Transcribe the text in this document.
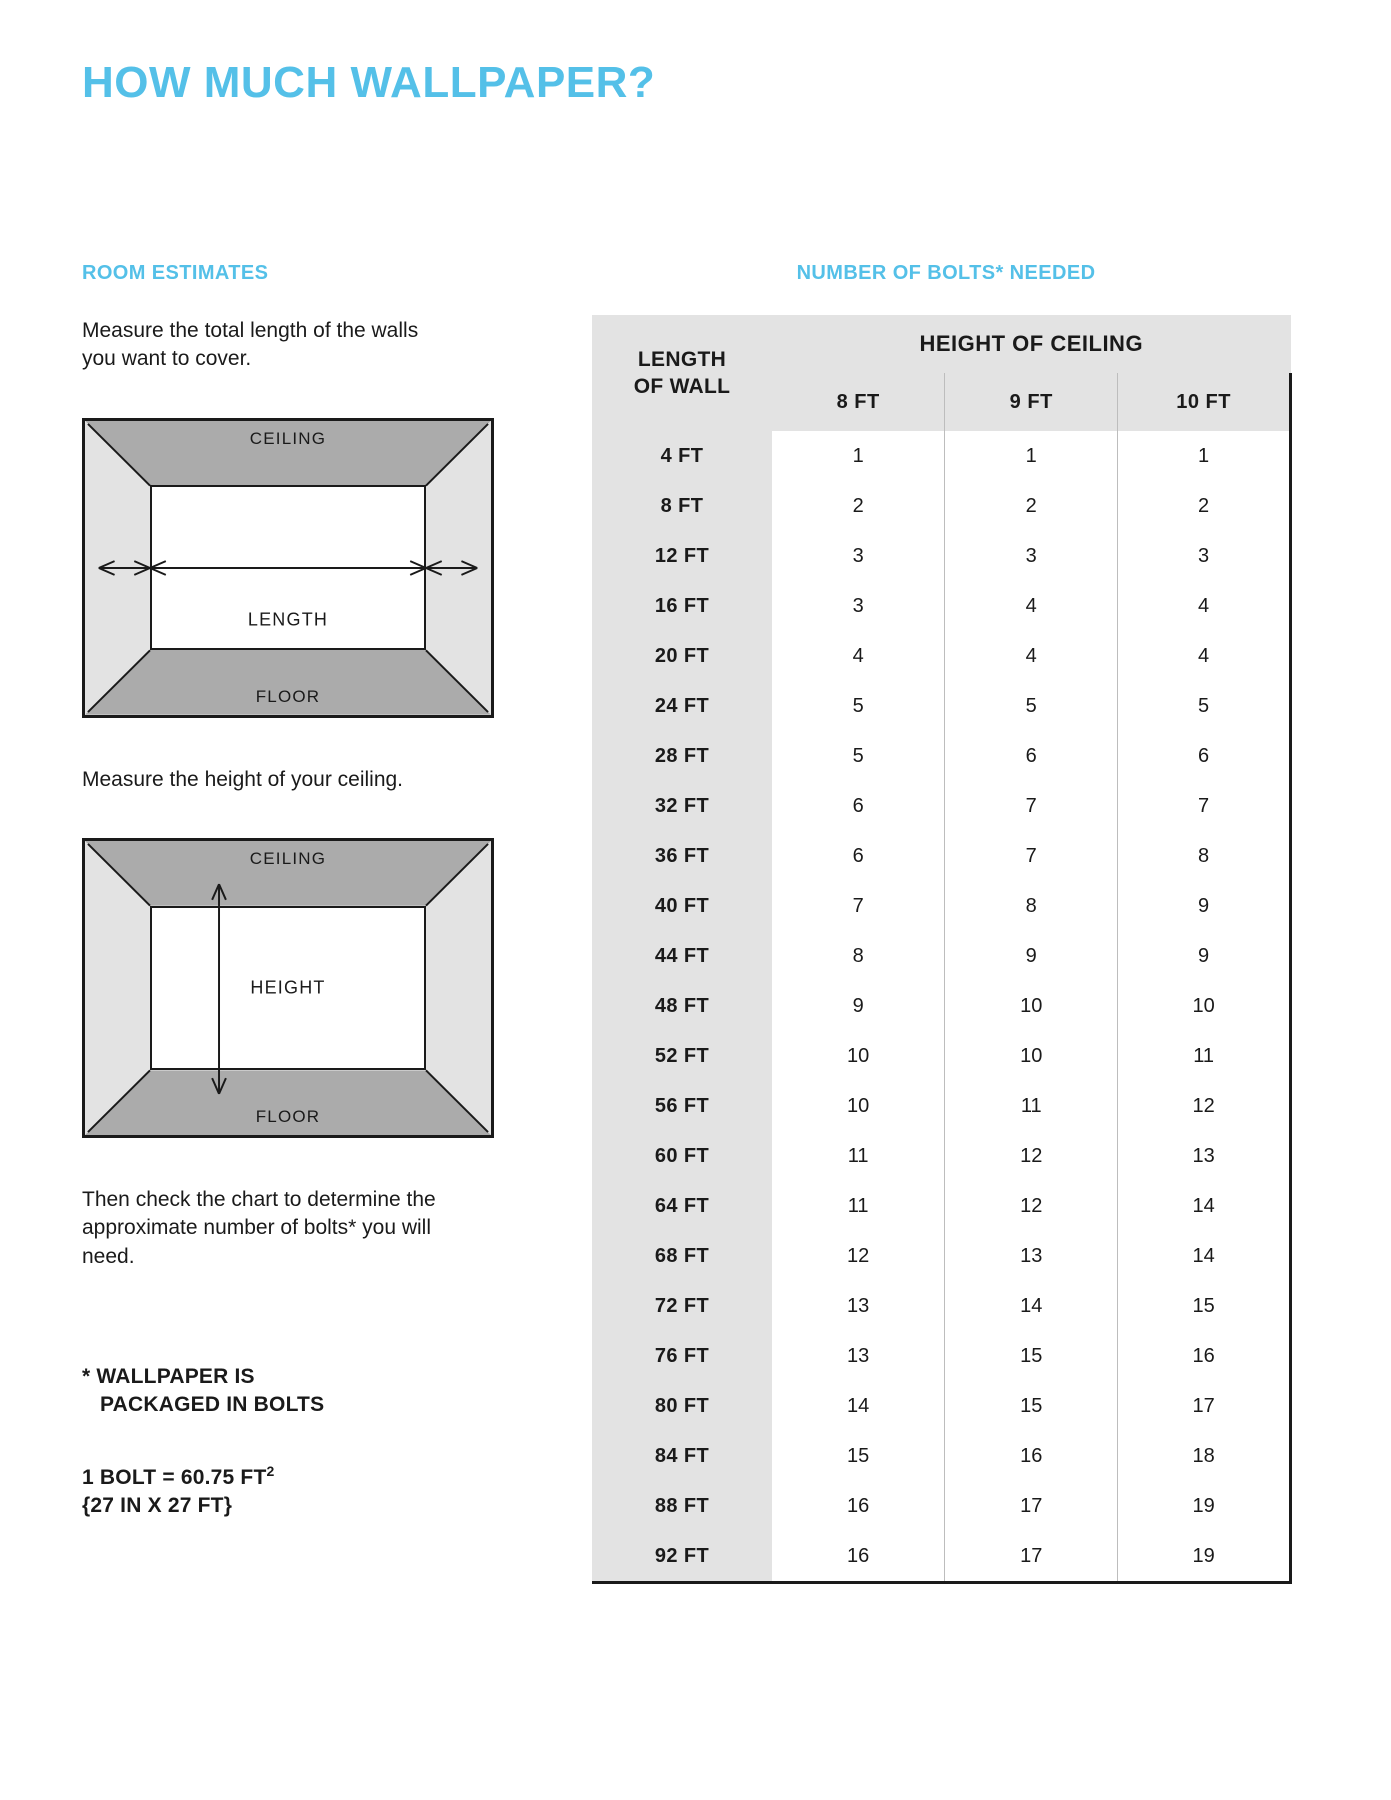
HOW MUCH WALLPAPER?
ROOM ESTIMATES
Measure the total length of the walls you want to cover.
CEILING
FLOOR
LENGTH
Measure the height of your ceiling.
CEILING
FLOOR
HEIGHT
Then check the chart to determine the approximate number of bolts* you will need.
* WALLPAPER IS
PACKAGED IN BOLTS
1 BOLT = 60.75 $FT^2$
{27 IN X 27 FT}
NUMBER OF BOLTS* NEEDED
LENGTH
OF WALL	HEIGHT OF CEILING		
	8 FT	9 FT	10 FT
4 FT	1	1	1
8 FT	2	2	2
12 FT	3	3	3
16 FT	3	4	4
20 FT	4	4	4
24 FT	5	5	5
28 FT	5	6	6
32 FT	6	7	7
36 FT	6	7	8
40 FT	7	8	9
44 FT	8	9	9
48 FT	9	10	10
52 FT	10	10	11
56 FT	10	11	12
60 FT	11	12	13
64 FT	11	12	14
68 FT	12	13	14
72 FT	13	14	15
76 FT	13	15	16
80 FT	14	15	17
84 FT	15	16	18
88 FT	16	17	19
92 FT	16	17	19
